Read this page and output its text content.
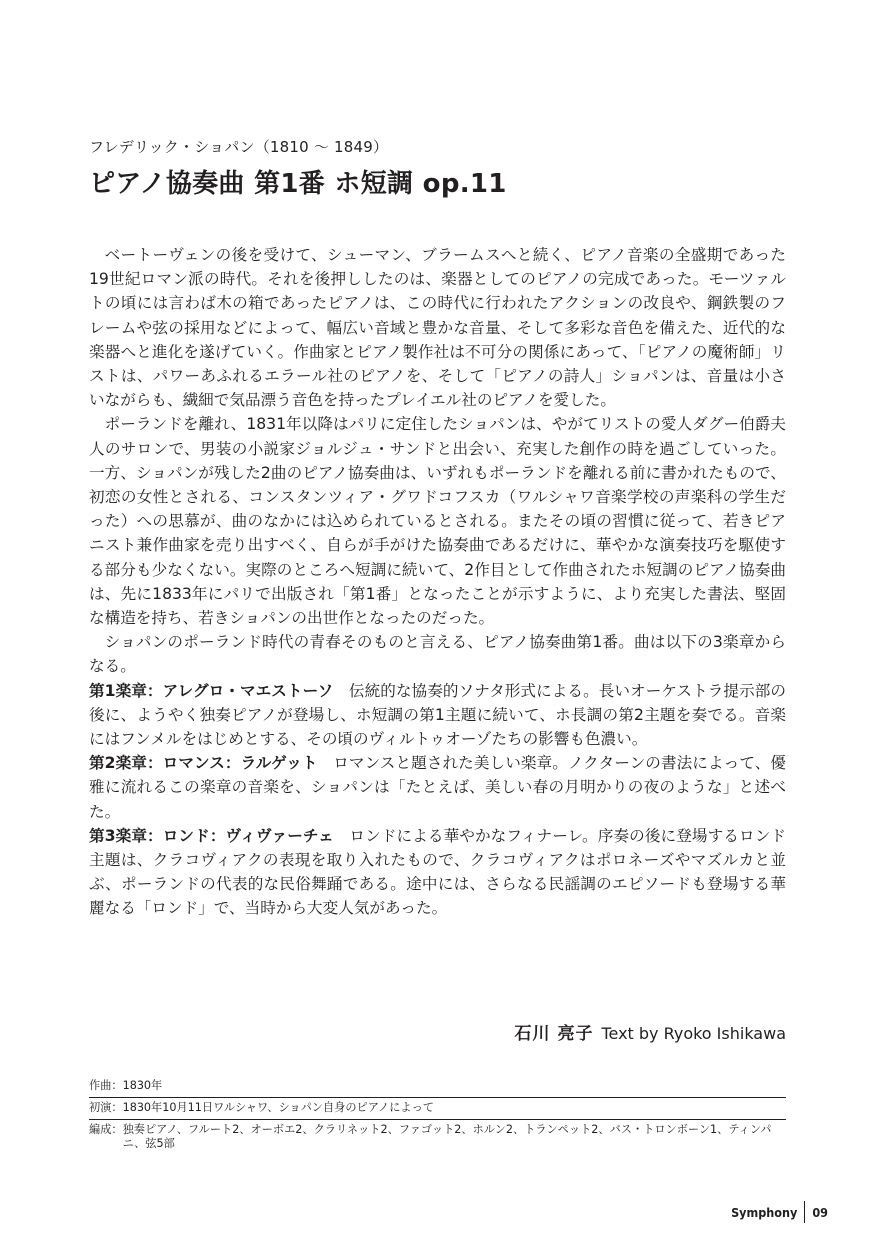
フレデリック・ショパン（1810 ～ 1849）
ピアノ協奏曲 第1番 ホ短調 op.11

ベートーヴェンの後を受けて、シューマン、ブラームスへと続く、ピアノ音楽の全盛期であった19世紀ロマン派の時代。それを後押ししたのは、楽器としてのピアノの完成であった。モーツァルトの頃には言わば木の箱であったピアノは、この時代に行われたアクションの改良や、鋼鉄製のフレームや弦の採用などによって、幅広い音域と豊かな音量、そして多彩な音色を備えた、近代的な楽器へと進化を遂げていく。作曲家とピアノ製作社は不可分の関係にあって、「ピアノの魔術師」リストは、パワーあふれるエラール社のピアノを、そして「ピアノの詩人」ショパンは、音量は小さいながらも、繊細で気品漂う音色を持ったプレイエル社のピアノを愛した。

ポーランドを離れ、1831年以降はパリに定住したショパンは、やがてリストの愛人ダグー伯爵夫人のサロンで、男装の小説家ジョルジュ・サンドと出会い、充実した創作の時を過ごしていった。一方、ショパンが残した2曲のピアノ協奏曲は、いずれもポーランドを離れる前に書かれたもので、初恋の女性とされる、コンスタンツィア・グワドコフスカ（ワルシャワ音楽学校の声楽科の学生だった）への思慕が、曲のなかには込められているとされる。またその頃の習慣に従って、若きピアニスト兼作曲家を売り出すべく、自らが手がけた協奏曲であるだけに、華やかな演奏技巧を駆使する部分も少なくない。実際のところへ短調に続いて、2作目として作曲されたホ短調のピアノ協奏曲は、先に1833年にパリで出版され「第1番」となったことが示すように、より充実した書法、堅固な構造を持ち、若きショパンの出世作となったのだった。

ショパンのポーランド時代の青春そのものと言える、ピアノ協奏曲第1番。曲は以下の3楽章からなる。

第1楽章：アレグロ・マエストーソ 伝統的な協奏的ソナタ形式による。長いオーケストラ提示部の後に、ようやく独奏ピアノが登場し、ホ短調の第1主題に続いて、ホ長調の第2主題を奏でる。音楽にはフンメルをはじめとする、その頃のヴィルトゥオーゾたちの影響も色濃い。

第2楽章：ロマンス：ラルゲット ロマンスと題された美しい楽章。ノクターンの書法によって、優雅に流れるこの楽章の音楽を、ショパンは「たとえば、美しい春の月明かりの夜のような」と述べた。

第3楽章：ロンド：ヴィヴァーチェ ロンドによる華やかなフィナーレ。序奏の後に登場するロンド主題は、クラコヴィアクの表現を取り入れたもので、クラコヴィアクはポロネーズやマズルカと並ぶ、ポーランドの代表的な民俗舞踊である。途中には、さらなる民謡調のエピソードも登場する華麗なる「ロンド」で、当時から大変人気があった。

石川 亮子 Text by Ryoko Ishikawa
作曲： 1830年
初演： 1830年10月11日ワルシャワ、ショパン自身のピアノによって
編成： 独奏ピアノ、フルート2、オーボエ2、クラリネット2、ファゴット2、ホルン2、トランペット2、バス・トロンボーン1、ティンパニ、弦5部
Symphony 09
